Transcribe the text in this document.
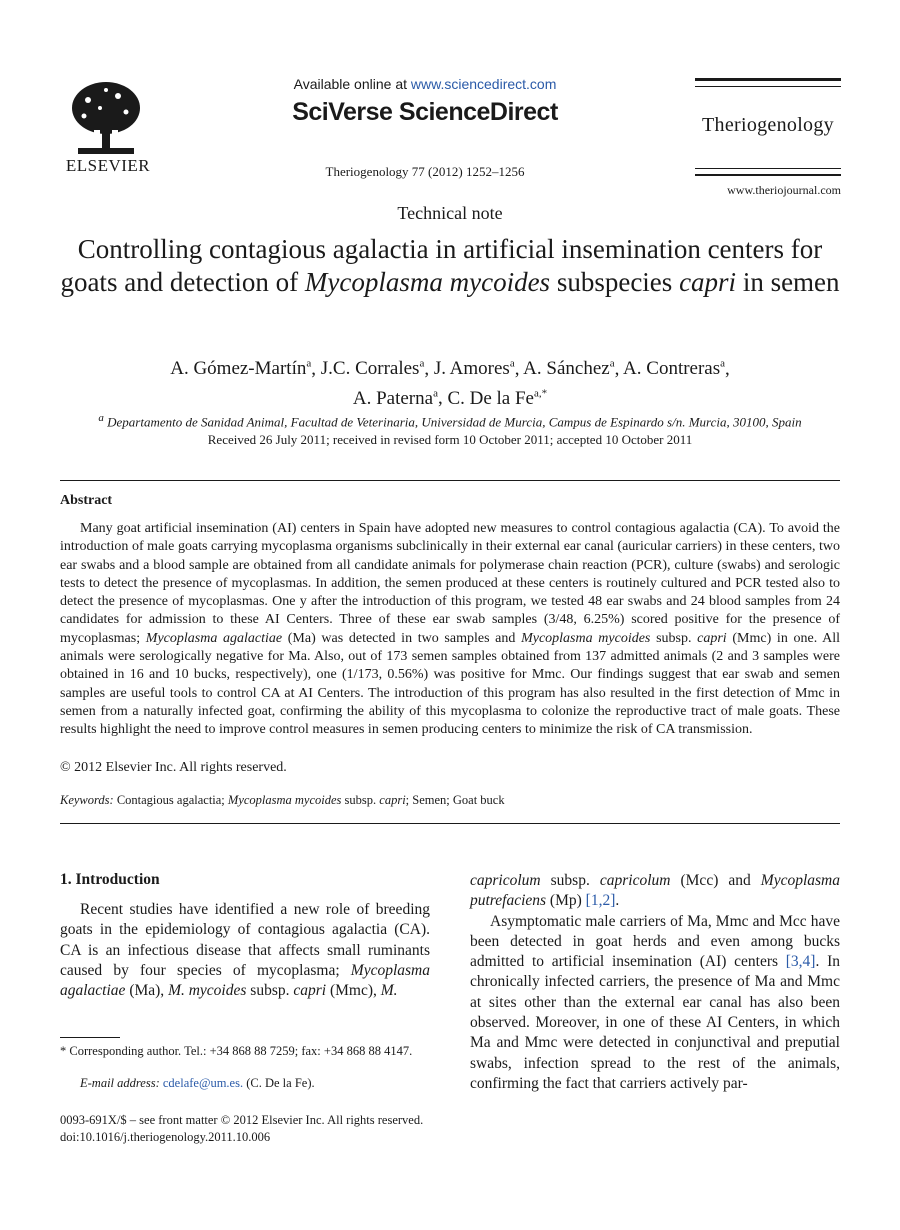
ELSEVIER
Available online at www.sciencedirect.com
SciVerse ScienceDirect
Theriogenology 77 (2012) 1252–1256
Theriogenology
www.theriojournal.com
Technical note
Controlling contagious agalactia in artificial insemination centers for goats and detection of Mycoplasma mycoides subspecies capri in semen
A. Gómez-Martín$^a$, J.C. Corrales$^a$, J. Amores$^a$, A. Sánchez$^a$, A. Contreras$^a$,
A. Paterna$^a$, C. De la $Fe^{a,*}$
$^a$ Departamento de Sanidad Animal, Facultad de Veterinaria, Universidad de Murcia, Campus de Espinardo s/n. Murcia, 30100, Spain
Received 26 July 2011; received in revised form 10 October 2011; accepted 10 October 2011
Abstract
Many goat artificial insemination (AI) centers in Spain have adopted new measures to control contagious agalactia (CA). To avoid the introduction of male goats carrying mycoplasma organisms subclinically in their external ear canal (auricular carriers) in these centers, two ear swabs and a blood sample are obtained from all candidate animals for polymerase chain reaction (PCR), culture (swabs) and serologic tests to detect the presence of mycoplasmas. In addition, the semen produced at these centers is routinely cultured and PCR tested also to detect the presence of mycoplasmas. One y after the introduction of this program, we tested 48 ear swabs and 24 blood samples from 24 candidates for admission to these AI Centers. Three of these ear swab samples (3/48, 6.25%) scored positive for the presence of mycoplasmas; Mycoplasma agalactiae (Ma) was detected in two samples and Mycoplasma mycoides subsp. capri (Mmc) in one. All animals were serologically negative for Ma. Also, out of 173 semen samples obtained from 137 admitted animals (2 and 3 samples were obtained in 16 and 10 bucks, respectively), one (1/173, 0.56%) was positive for Mmc. Our findings suggest that ear swab and semen samples are useful tools to control CA at AI Centers. The introduction of this program has also resulted in the first detection of Mmc in semen from a naturally infected goat, confirming the ability of this mycoplasma to colonize the reproductive tract of male goats. These results highlight the need to improve control measures in semen producing centers to minimize the risk of CA transmission.
© 2012 Elsevier Inc. All rights reserved.
Keywords: Contagious agalactia; Mycoplasma mycoides subsp. capri; Semen; Goat buck
1. Introduction
Recent studies have identified a new role of breeding goats in the epidemiology of contagious agalactia (CA). CA is an infectious disease that affects small ruminants caused by four species of mycoplasma; Mycoplasma agalactiae (Ma), M. mycoides subsp. capri (Mmc), M.
* Corresponding author. Tel.: +34 868 88 7259; fax: +34 868 88 4147.
E-mail address: cdelafe@um.es. (C. De la Fe).
0093-691X/$ – see front matter © 2012 Elsevier Inc. All rights reserved.
doi:10.1016/j.theriogenology.2011.10.006
capricolum subsp. capricolum (Mcc) and Mycoplasma putrefaciens (Mp) [1,2].
Asymptomatic male carriers of Ma, Mmc and Mcc have been detected in goat herds and even among bucks admitted to artificial insemination (AI) centers [3,4]. In chronically infected carriers, the presence of Ma and Mmc at sites other than the external ear canal has also been observed. Moreover, in one of these AI Centers, in which Ma and Mmc were detected in conjunctival and preputial swabs, infection spread to the rest of the animals, confirming the fact that carriers actively par-
